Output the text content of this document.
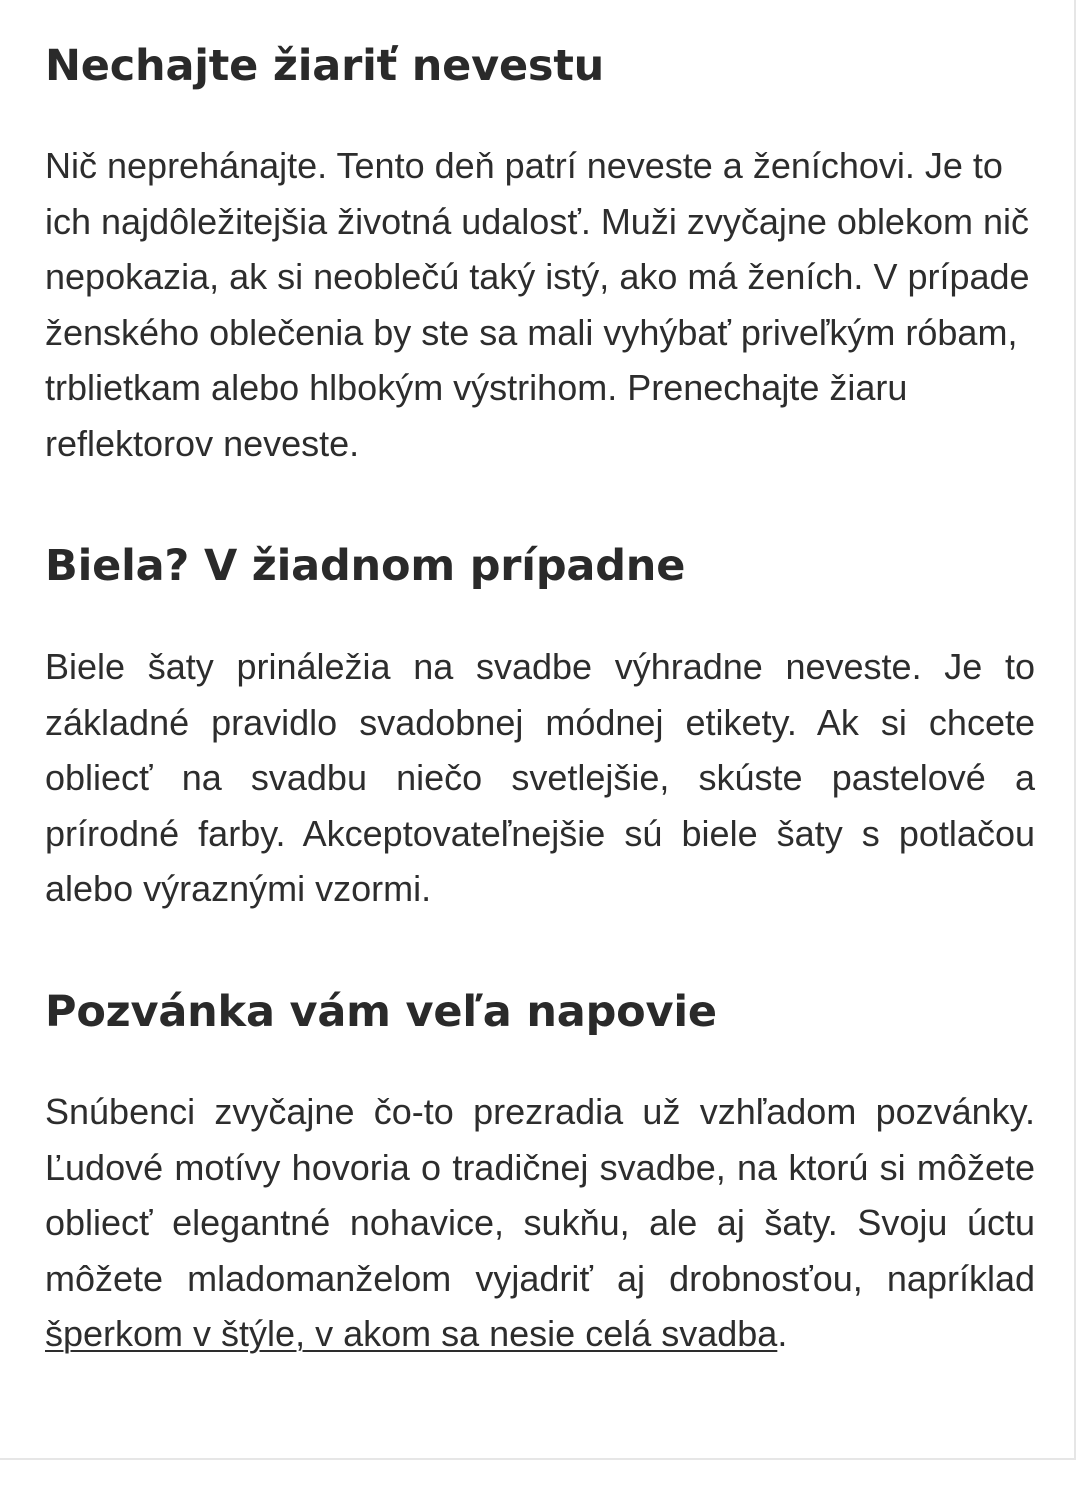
Nechajte žiariť nevestu

Nič neprehánajte. Tento deň patrí neveste a ženíchovi. Je to ich najdôležitejšia životná udalosť. Muži zvyčajne oblekom nič nepokazia, ak si neoblečú taký istý, ako má ženích. V prípade ženského oblečenia by ste sa mali vyhýbať priveľkým róbam, trblietkam alebo hlbokým výstrihom. Prenechajte žiaru reflektorov neveste.

Biela? V žiadnom prípadne

Biele šaty prináležia na svadbe výhradne neveste. Je to základné pravidlo svadobnej módnej etikety. Ak si chcete obliecť na svadbu niečo svetlejšie, skúste pastelové a prírodné farby. Akceptovateľnejšie sú biele šaty s potlačou alebo výraznými vzormi.

Pozvánka vám veľa napovie

Snúbenci zvyčajne čo-to prezradia už vzhľadom pozvánky. Ľudové motívy hovoria o tradičnej svadbe, na ktorú si môžete obliecť elegantné nohavice, sukňu, ale aj šaty. Svoju úctu môžete mladomanželom vyjadriť aj drobnosťou, napríklad šperkom v štýle, v akom sa nesie celá svadba.
